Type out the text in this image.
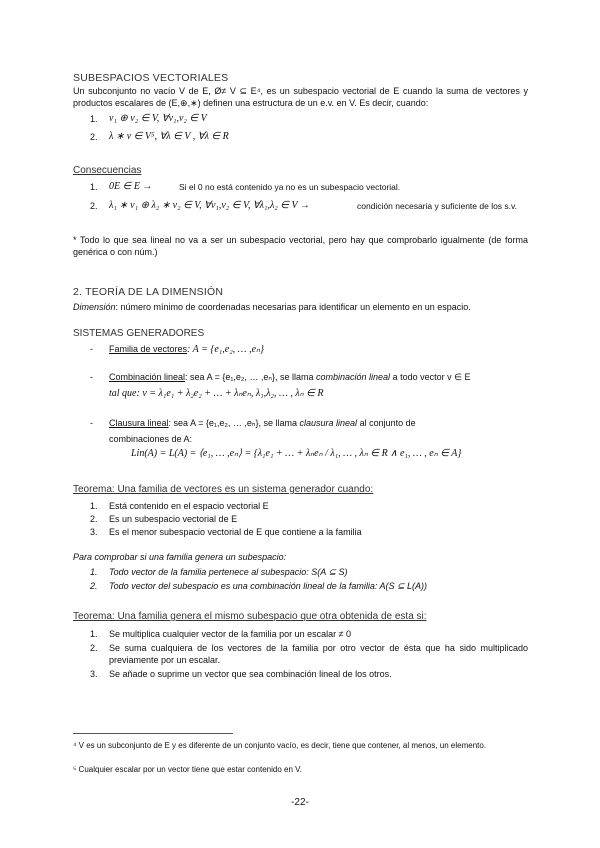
SUBESPACIOS VECTORIALES

Un subconjunto no vacío V de E, Ø≠ V ⊆ E⁴, es un subespacio vectorial de E cuando la suma de vectores y productos escalares de (E,⊕,∗) definen una estructura de un e.v. en V. Es decir, cuando:

1. v₁ ⊕ v₂ ∈ V, ∀v₁,v₂ ∈ V
2. λ ∗ v ∈ V⁵, ∀λ ∈ V , ∀λ ∈ R
Consecuencias
1. 0E ∈ E →	Si el 0 no está contenido ya no es un subespacio vectorial.
2. λ₁ ∗ v₁ ⊕ λ₂ ∗ v₂ ∈ V, ∀v₁,v₂ ∈ V, ∀λ₁,λ₂ ∈ V →	condición necesaria y suficiente de los s.v.

* Todo lo que sea lineal no va a ser un subespacio vectorial, pero hay que comprobarlo igualmente (de forma genérica o con núm.)

2. TEORÍA DE LA DIMENSIÓN
Dimensión: número mínimo de coordenadas necesarias para identificar un elemento en un espacio.
SISTEMAS GENERADORES
- Familia de vectores: A = {e₁,e₂, … ,eₙ}
- Combinación lineal: sea A = {e₁,e₂, … ,eₙ}, se llama combinación lineal a todo vector v ∈ E
tal que: v = λ₁e₁ + λ₂e₂ + … + λₙeₙ, λ₁,λ₂, … , λₙ ∈ R
- Clausura lineal: sea A = {e₁,e₂, … ,eₙ}, se llama clausura lineal al conjunto de
combinaciones de A:
Lin(A) = L(A) = ⟨e₁, … ,eₙ⟩ = {λ₁e₁ + … + λₙeₙ / λ₁, … , λₙ ∈ R ∧ e₁, … , eₙ ∈ A}
Teorema: Una familia de vectores es un sistema generador cuando:
1. Está contenido en el espacio vectorial E
2. Es un subespacio vectorial de E
3. Es el menor subespacio vectorial de E que contiene a la familia
Para comprobar si una familia genera un subespacio:
1. Todo vector de la familia pertenece al subespacio: S(A ⊆ S)
2. Todo vector del subespacio es una combinación lineal de la familia: A(S ⊆ L(A))
Teorema: Una familia genera el mismo subespacio que otra obtenida de esta si:
1. Se multiplica cualquier vector de la familia por un escalar ≠ 0
2. Se suma cualquiera de los vectores de la familia por otro vector de ésta que ha sido multiplicado previamente por un escalar.

3. Se añade o suprime un vector que sea combinación lineal de los otros.

⁴ V es un subconjunto de E y es diferente de un conjunto vacío, es decir, tiene que contener, al menos, un elemento.

⁵ Cualquier escalar por un vector tiene que estar contenido en V.

-22-
